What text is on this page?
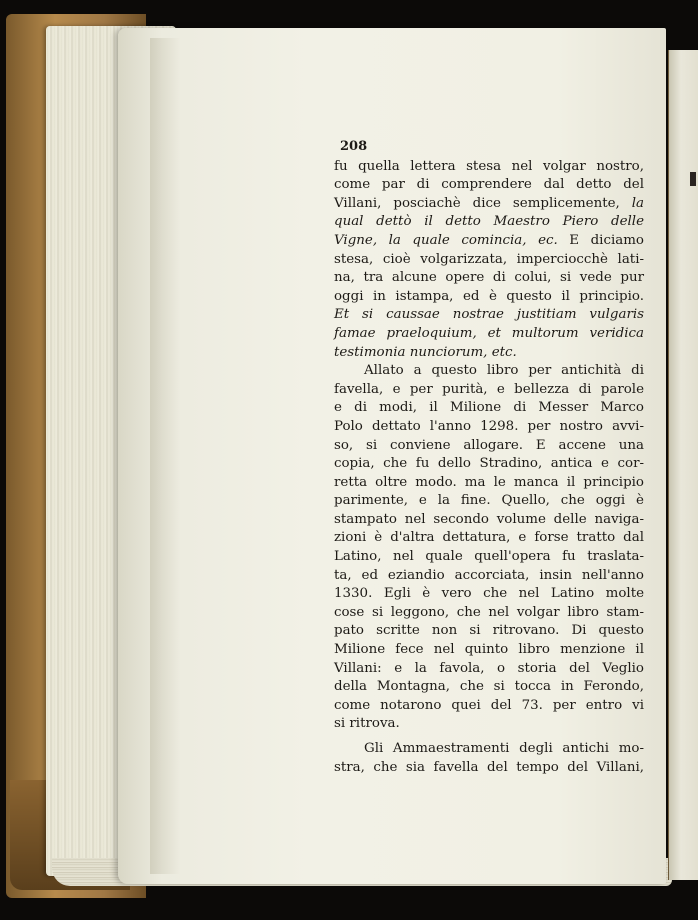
208
fu quella lettera stesa nel volgar nostro,
come par di comprendere dal detto del
Villani, posciachè dice semplicemente, la
qual dettò il detto Maestro Piero delle
Vigne, la quale comincia, ec. E diciamo
stesa, cioè volgarizzata, imperciocchè lati-
na, tra alcune opere di colui, si vede pur
oggi in istampa, ed è questo il principio.
Et si caussae nostrae justitiam vulgaris
famae praeloquium, et multorum veridica
testimonia nunciorum, etc.
Allato a questo libro per antichità di
favella, e per purità, e bellezza di parole
e di modi, il Milione di Messer Marco
Polo dettato l'anno 1298. per nostro avvi-
so, si conviene allogare. E accene una
copia, che fu dello Stradino, antica e cor-
retta oltre modo. ma le manca il principio
parimente, e la fine. Quello, che oggi è
stampato nel secondo volume delle naviga-
zioni è d'altra dettatura, e forse tratto dal
Latino, nel quale quell'opera fu traslata-
ta, ed eziandio accorciata, insin nell'anno
1330. Egli è vero che nel Latino molte
cose si leggono, che nel volgar libro stam-
pato scritte non si ritrovano. Di questo
Milione fece nel quinto libro menzione il
Villani: e la favola, o storia del Veglio
della Montagna, che si tocca in Ferondo,
come notarono quei del 73. per entro vi
si ritrova.
Gli Ammaestramenti degli antichi mo-
stra, che sia favella del tempo del Villani,
